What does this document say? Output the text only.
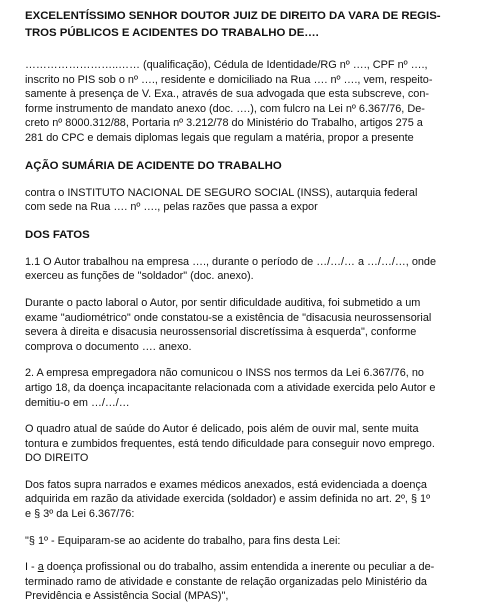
EXCELENTÍSSIMO SENHOR DOUTOR JUIZ DE DIREITO DA VARA DE REGIS-
TROS PÚBLICOS E ACIDENTES DO TRABALHO DE….
……………………..…… (qualificação), Cédula de Identidade/RG nº …., CPF nº ….,
inscrito no PIS sob o nº …., residente e domiciliado na Rua …. nº …., vem, respeito-
samente à presença de V. Exa., através de sua advogada que esta subscreve, con-
forme instrumento de mandato anexo (doc. ….), com fulcro na Lei nº 6.367/76, De-
creto nº 8000.312/88, Portaria nº 3.212/78 do Ministério do Trabalho, artigos 275 a
281 do CPC e demais diplomas legais que regulam a matéria, propor a presente
AÇÃO SUMÁRIA DE ACIDENTE DO TRABALHO
contra o INSTITUTO NACIONAL DE SEGURO SOCIAL (INSS), autarquia federal
com sede na Rua …. nº …., pelas razões que passa a expor
DOS FATOS
1.1 O Autor trabalhou na empresa …., durante o período de …/…/… a …/…/…, onde
exerceu as funções de "soldador" (doc. anexo).
Durante o pacto laboral o Autor, por sentir dificuldade auditiva, foi submetido a um
exame "audiométrico" onde constatou-se a existência de "disacusia neurossensorial
severa à direita e disacusia neurossensorial discretíssima à esquerda", conforme
comprova o documento …. anexo.
2. A empresa empregadora não comunicou o INSS nos termos da Lei 6.367/76, no
artigo 18, da doença incapacitante relacionada com a atividade exercida pelo Autor e
demitiu-o em …/…/…
O quadro atual de saúde do Autor é delicado, pois além de ouvir mal, sente muita
tontura e zumbidos frequentes, está tendo dificuldade para conseguir novo emprego.
DO DIREITO
Dos fatos supra narrados e exames médicos anexados, está evidenciada a doença
adquirida em razão da atividade exercida (soldador) e assim definida no art. 2º, § 1º
e § 3º da Lei 6.367/76:
"§ 1º - Equiparam-se ao acidente do trabalho, para fins desta Lei:
I - a doença profissional ou do trabalho, assim entendida a inerente ou peculiar a de-
terminado ramo de atividade e constante de relação organizadas pelo Ministério da
Previdência e Assistência Social (MPAS)",
